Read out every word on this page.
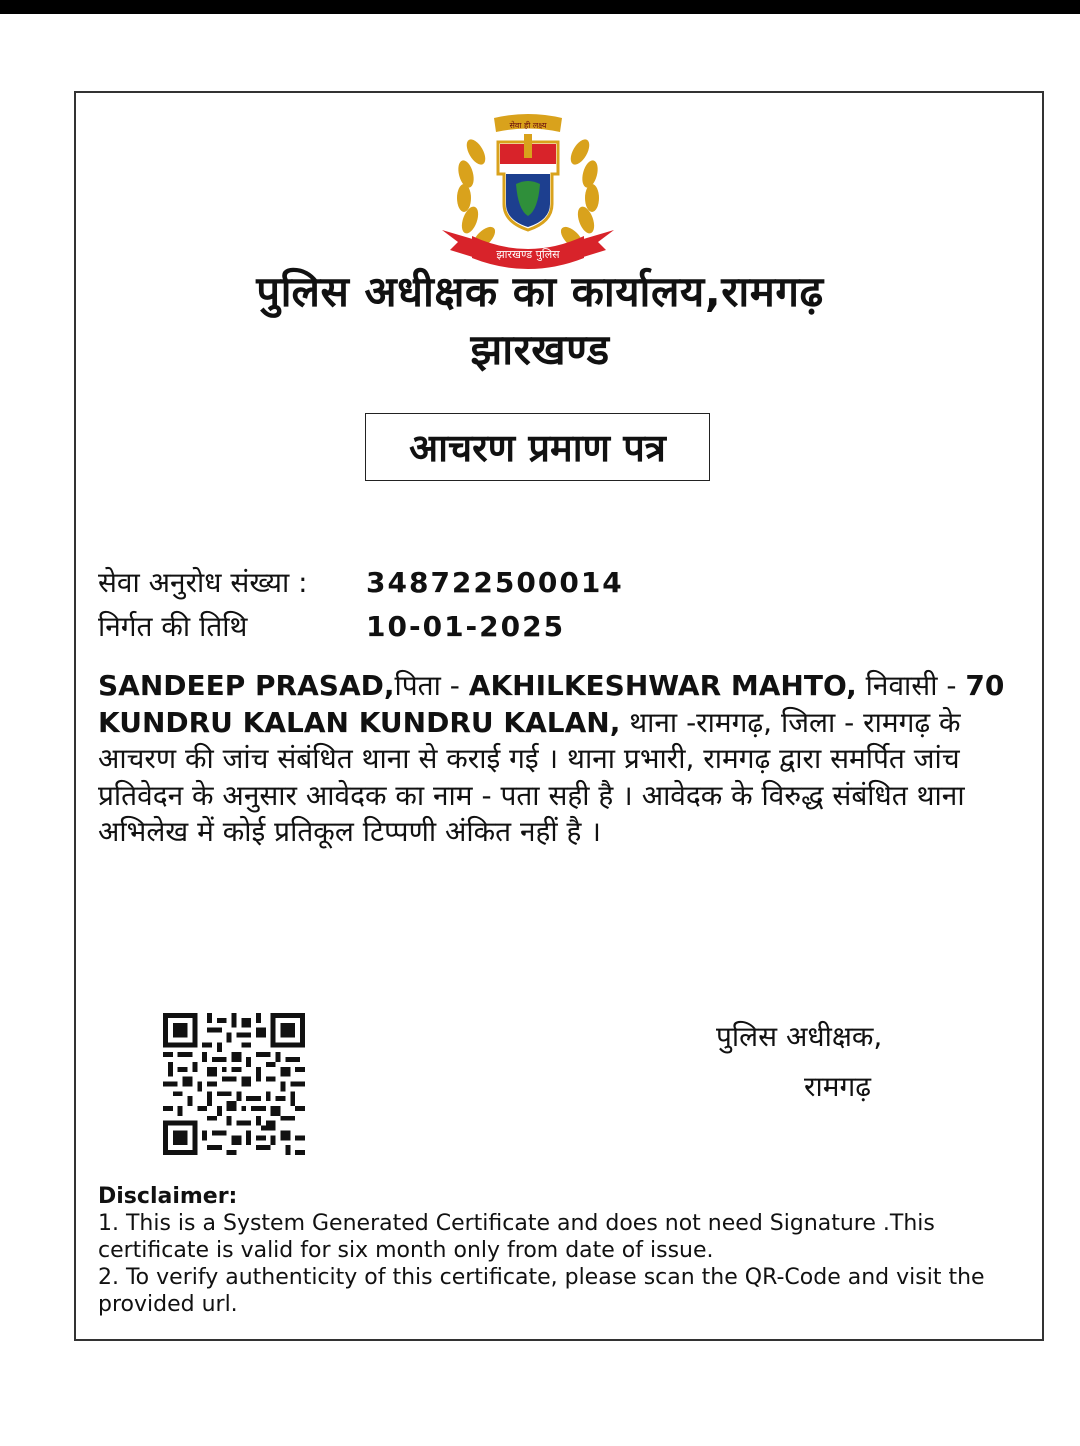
सेवा ही लक्ष्य
झारखण्ड पुलिस
पुलिस अधीक्षक का कार्यालय,रामगढ़
झारखण्ड
आचरण प्रमाण पत्र
सेवा अनुरोध संख्या :	348722500014
निर्गत की तिथि	10-01-2025
SANDEEP PRASAD,पिता - AKHILKESHWAR MAHTO, निवासी - 70 KUNDRU KALAN KUNDRU KALAN, थाना -रामगढ़, जिला - रामगढ़ के आचरण की जांच संबंधित थाना से कराई गई । थाना प्रभारी, रामगढ़ द्वारा समर्पित जांच प्रतिवेदन के अनुसार आवेदक का नाम - पता सही है । आवेदक के विरुद्ध संबंधित थाना अभिलेख में कोई प्रतिकूल टिप्पणी अंकित नहीं है ।
पुलिस अधीक्षक,
रामगढ़
Disclaimer:
1. This is a System Generated Certificate and does not need Signature .This certificate is valid for six month only from date of issue.
2. To verify authenticity of this certificate, please scan the QR-Code and visit the provided url.
